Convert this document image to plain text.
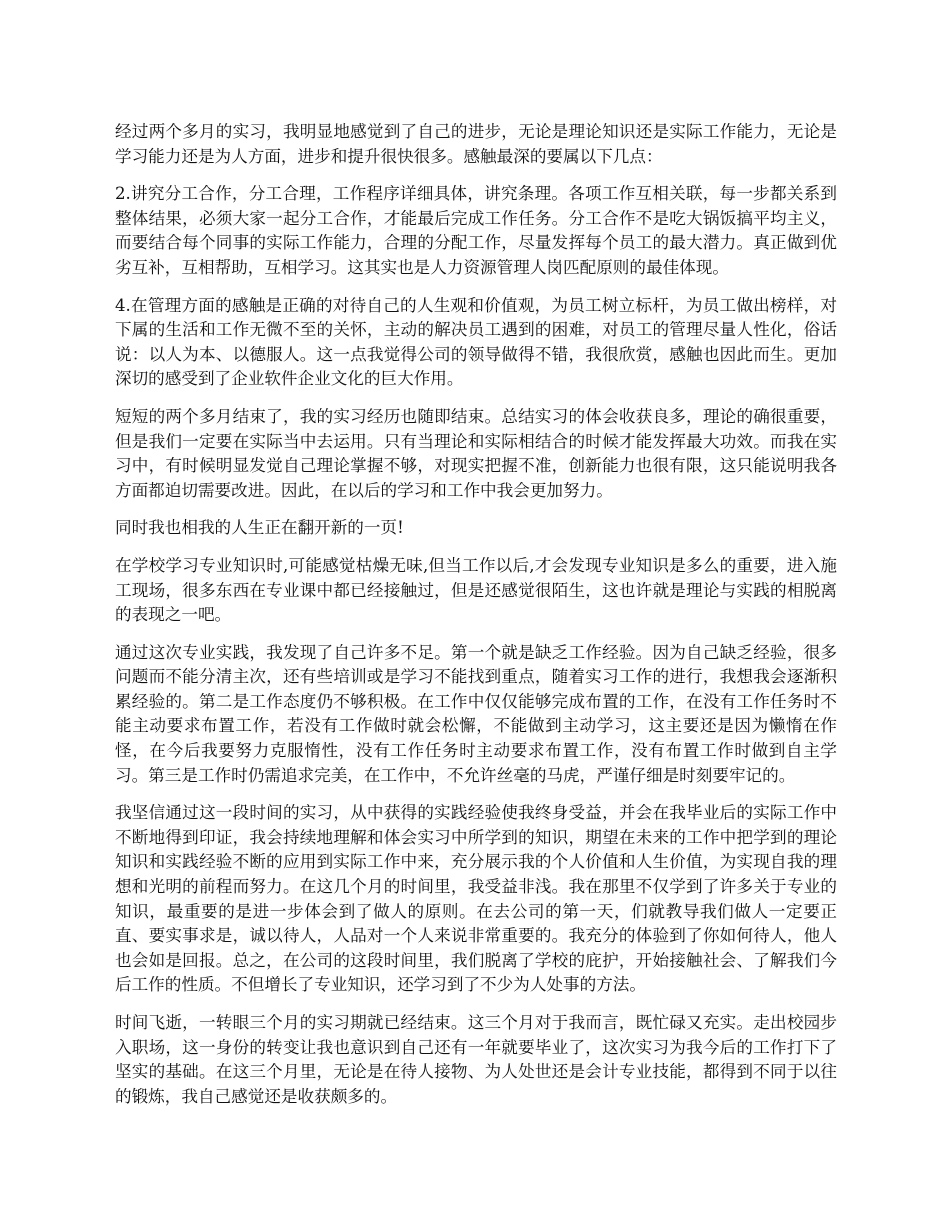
经过两个多月的实习，我明显地感觉到了自己的进步，无论是理论知识还是实际工作能力，无论是学习能力还是为人方面，进步和提升很快很多。感触最深的要属以下几点：

2.讲究分工合作，分工合理，工作程序详细具体，讲究条理。各项工作互相关联，每一步都关系到整体结果，必须大家一起分工合作，才能最后完成工作任务。分工合作不是吃大锅饭搞平均主义，而要结合每个同事的实际工作能力，合理的分配工作，尽量发挥每个员工的最大潜力。真正做到优劣互补，互相帮助，互相学习。这其实也是人力资源管理人岗匹配原则的最佳体现。

4.在管理方面的感触是正确的对待自己的人生观和价值观，为员工树立标杆，为员工做出榜样，对下属的生活和工作无微不至的关怀，主动的解决员工遇到的困难，对员工的管理尽量人性化，俗话说：以人为本、以德服人。这一点我觉得公司的领导做得不错，我很欣赏，感触也因此而生。更加深切的感受到了企业软件企业文化的巨大作用。

短短的两个多月结束了，我的实习经历也随即结束。总结实习的体会收获良多，理论的确很重要，但是我们一定要在实际当中去运用。只有当理论和实际相结合的时候才能发挥最大功效。而我在实习中，有时候明显发觉自己理论掌握不够，对现实把握不准，创新能力也很有限，这只能说明我各方面都迫切需要改进。因此，在以后的学习和工作中我会更加努力。

同时我也相我的人生正在翻开新的一页!

在学校学习专业知识时,可能感觉枯燥无味,但当工作以后,才会发现专业知识是多么的重要，进入施工现场，很多东西在专业课中都已经接触过，但是还感觉很陌生，这也许就是理论与实践的相脱离的表现之一吧。

通过这次专业实践，我发现了自己许多不足。第一个就是缺乏工作经验。因为自己缺乏经验，很多问题而不能分清主次，还有些培训或是学习不能找到重点，随着实习工作的进行，我想我会逐渐积累经验的。第二是工作态度仍不够积极。在工作中仅仅能够完成布置的工作，在没有工作任务时不能主动要求布置工作，若没有工作做时就会松懈，不能做到主动学习，这主要还是因为懒惰在作怪，在今后我要努力克服惰性，没有工作任务时主动要求布置工作，没有布置工作时做到自主学习。第三是工作时仍需追求完美，在工作中，不允许丝毫的马虎，严谨仔细是时刻要牢记的。

我坚信通过这一段时间的实习，从中获得的实践经验使我终身受益，并会在我毕业后的实际工作中不断地得到印证，我会持续地理解和体会实习中所学到的知识，期望在未来的工作中把学到的理论知识和实践经验不断的应用到实际工作中来，充分展示我的个人价值和人生价值，为实现自我的理想和光明的前程而努力。在这几个月的时间里，我受益非浅。我在那里不仅学到了许多关于专业的知识，最重要的是进一步体会到了做人的原则。在去公司的第一天，们就教导我们做人一定要正直、要实事求是，诚以待人，人品对一个人来说非常重要的。我充分的体验到了你如何待人，他人也会如是回报。总之，在公司的这段时间里，我们脱离了学校的庇护，开始接触社会、了解我们今后工作的性质。不但增长了专业知识，还学习到了不少为人处事的方法。

时间飞逝，一转眼三个月的实习期就已经结束。这三个月对于我而言，既忙碌又充实。走出校园步入职场，这一身份的转变让我也意识到自己还有一年就要毕业了，这次实习为我今后的工作打下了坚实的基础。在这三个月里，无论是在待人接物、为人处世还是会计专业技能，都得到不同于以往的锻炼，我自己感觉还是收获颇多的。
